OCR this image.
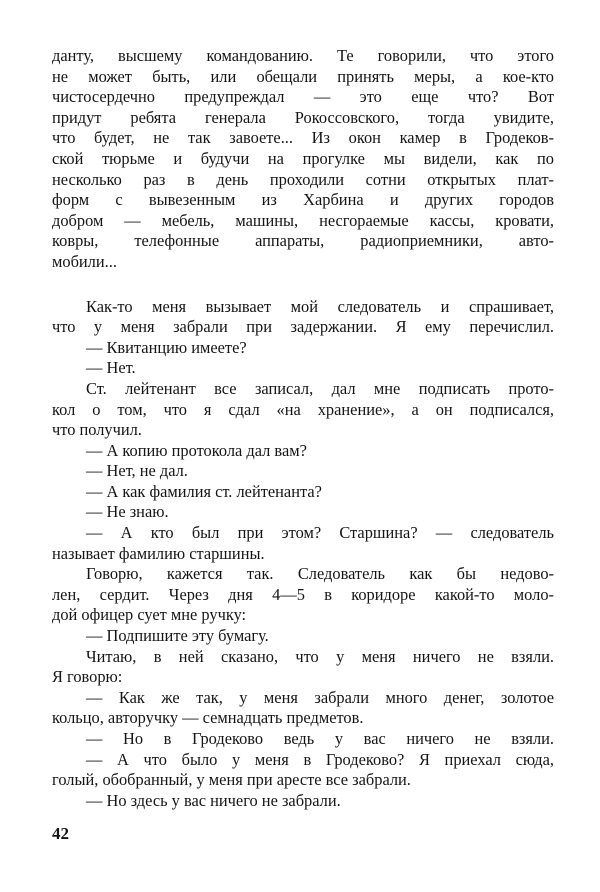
данту, высшему командованию. Те говорили, что этого
не может быть, или обещали принять меры, а кое-кто
чистосердечно предупреждал — это еще что? Вот
придут ребята генерала Рокоссовского, тогда увидите,
что будет, не так завоете... Из окон камер в Гродеков-
ской тюрьме и будучи на прогулке мы видели, как по
несколько раз в день проходили сотни открытых плат-
форм с вывезенным из Харбина и других городов
добром — мебель, машины, несгораемые кассы, кровати,
ковры, телефонные аппараты, радиоприемники, авто-
мобили...
Как-то меня вызывает мой следователь и спрашивает,
что у меня забрали при задержании. Я ему перечислил.
— Квитанцию имеете?
— Нет.
Ст. лейтенант все записал, дал мне подписать прото-
кол о том, что я сдал «на хранение», а он подписался,
что получил.
— А копию протокола дал вам?
— Нет, не дал.
— А как фамилия ст. лейтенанта?
— Не знаю.
— А кто был при этом? Старшина? — следователь
называет фамилию старшины.
Говорю, кажется так. Следователь как бы недово-
лен, сердит. Через дня 4—5 в коридоре какой-то моло-
дой офицер сует мне ручку:
— Подпишите эту бумагу.
Читаю, в ней сказано, что у меня ничего не взяли.
Я говорю:
— Как же так, у меня забрали много денег, золотое
кольцо, авторучку — семнадцать предметов.
— Но в Гродеково ведь у вас ничего не взяли.
— А что было у меня в Гродеково? Я приехал сюда,
голый, обобранный, у меня при аресте все забрали.
— Но здесь у вас ничего не забрали.
42
